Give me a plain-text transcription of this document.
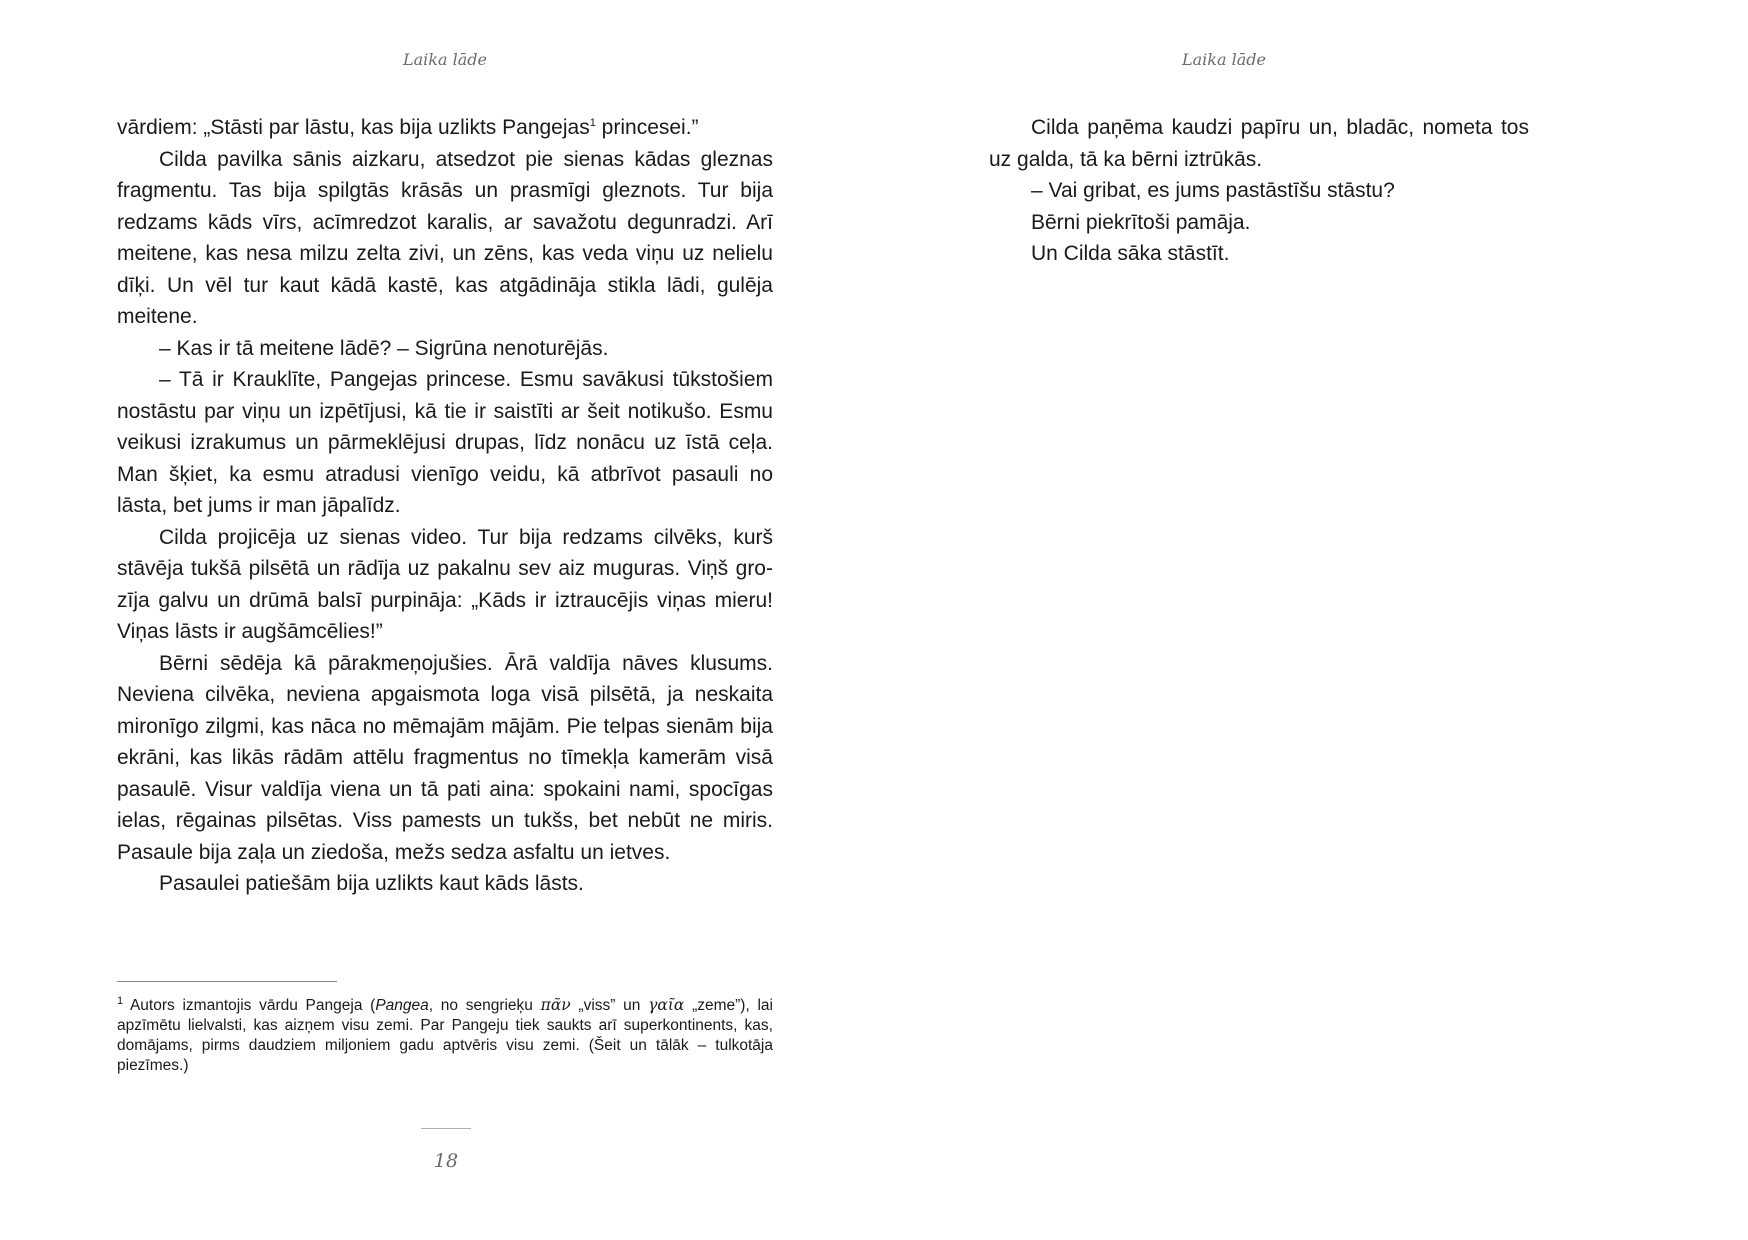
Laika lāde

vārdiem: „Stāsti par lāstu, kas bija uzlikts Pangejas$^1$ princesei.”

Cilda pavilka sānis aizkaru, atsedzot pie sienas kādas gleznas fragmentu. Tas bija spilgtās krāsās un prasmīgi gleznots. Tur bija redzams kāds vīrs, acīmredzot karalis, ar savažotu degunradzi. Arī meitene, kas nesa milzu zelta zivi, un zēns, kas veda viņu uz nelielu dīķi. Un vēl tur kaut kādā kastē, kas atgādināja stikla lādi, gulēja meitene.

– Kas ir tā meitene lādē? – Sigrūna nenoturējās.

– Tā ir Krauklīte, Pangejas princese. Esmu savākusi tūkstošiem nostāstu par viņu un izpētījusi, kā tie ir saistīti ar šeit notikušo. Esmu veikusi izrakumus un pārmeklējusi drupas, līdz nonācu uz īstā ceļa. Man šķiet, ka esmu atradusi vienīgo veidu, kā atbrīvot pasauli no lāsta, bet jums ir man jāpalīdz.

Cilda projicēja uz sienas video. Tur bija redzams cilvēks, kurš stāvēja tukšā pilsētā un rādīja uz pakalnu sev aiz muguras. Viņš grozīja galvu un drūmā balsī purpināja: „Kāds ir iztraucējis viņas mieru! Viņas lāsts ir augšāmcēlies!”

Bērni sēdēja kā pārakmeņojušies. Ārā valdīja nāves klusums. Neviena cilvēka, neviena apgaismota loga visā pilsētā, ja neskaita mironīgo zilgmi, kas nāca no mēmajām mājām. Pie telpas sienām bija ekrāni, kas likās rādām attēlu fragmentus no tīmekļa kamerām visā pasaulē. Visur valdīja viena un tā pati aina: spokaini nami, spocīgas ielas, rēgainas pilsētas. Viss pamests un tukšs, bet nebūt ne miris. Pasaule bija zaļa un ziedoša, mežs sedza asfaltu un ietves.

Pasaulei patiešām bija uzlikts kaut kāds lāsts.

$^1$ Autors izmantojis vārdu Pangeja (Pangea, no sengrieķu πᾶν „viss” un γαῖα „zeme”), lai apzīmētu lielvalsti, kas aizņem visu zemi. Par Pangeju tiek saukts arī superkontinents, kas, domājams, pirms daudziem miljoniem gadu aptvēris visu zemi. (Šeit un tālāk – tulkotāja piezīmes.)

18
Laika lāde

Cilda paņēma kaudzi papīru un, bladāc, nometa tos uz galda, tā ka bērni iztrūkās.

– Vai gribat, es jums pastāstīšu stāstu?

Bērni piekrītoši pamāja.

Un Cilda sāka stāstīt.
